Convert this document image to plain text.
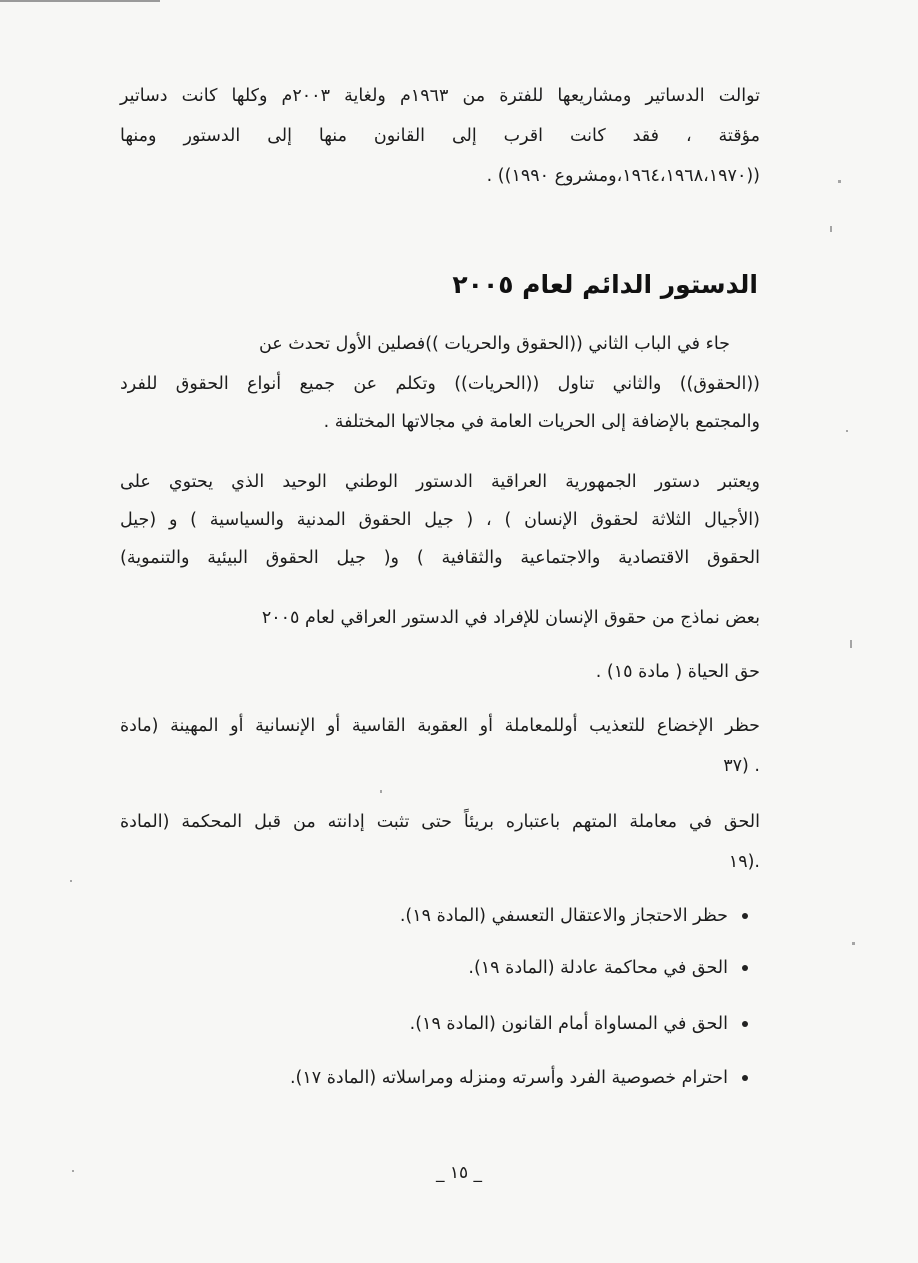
توالت الدساتير ومشاريعها للفترة من ١٩٦٣م ولغاية ٢٠٠٣م وكلها كانت دساتير
مؤقتة ، فقد كانت اقرب إلى القانون منها إلى الدستور ومنها
((١٩٦٤،١٩٦٨،١٩٧٠،ومشروع ١٩٩٠)) .
الدستور الدائم لعام ٢٠٠٥
جاء في الباب الثاني ((الحقوق والحريات ))فصلين الأول تحدث عن
((الحقوق)) والثاني تناول ((الحريات)) وتكلم عن جميع أنواع الحقوق للفرد
والمجتمع بالإضافة إلى الحريات العامة في مجالاتها المختلفة .
ويعتبر دستور الجمهورية العراقية الدستور الوطني الوحيد الذي يحتوي على
(الأجيال الثلاثة لحقوق الإنسان ) ، ( جيل الحقوق المدنية والسياسية ) و (جيل
الحقوق الاقتصادية والاجتماعية والثقافية ) و( جيل الحقوق البيئية والتنموية)
بعض نماذج من حقوق الإنسان للإفراد في الدستور العراقي لعام ٢٠٠٥
حق الحياة ( مادة ١٥) .
حظر الإخضاع للتعذيب أوللمعاملة أو العقوبة القاسية أو الإنسانية أو المهينة (مادة
٣٧) .
الحق في معاملة المتهم باعتباره بريئاً حتى تثبت إدانته من قبل المحكمة (المادة
١٩).
حظر الاحتجاز والاعتقال التعسفي (المادة ١٩).
الحق في محاكمة عادلة (المادة ١٩).
الحق في المساواة أمام القانون (المادة ١٩).
احترام خصوصية الفرد وأسرته ومنزله ومراسلاته (المادة ١٧).
_ ١٥ _
